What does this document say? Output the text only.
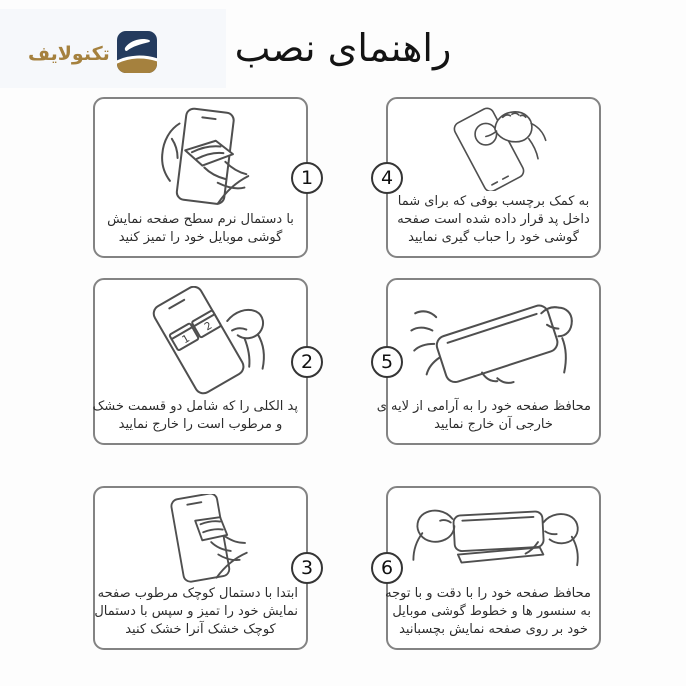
تکنولایف	راهنمای نصب
با دستمال نرم سطح صفحه نمایش
گوشی موبایل خود را تمیز کنید
1
1
2
پد الکلی را که شامل دو قسمت خشک
و مرطوب است را خارج نمایید
2
ابتدا با دستمال کوچک مرطوب صفحه
نمایش خود را تمیز و سپس با دستمال
کوچک خشک آنرا خشک کنید
3
به کمک برچسب بوفی که برای شما
داخل پد قرار داده شده است صفحه
گوشی خود را حباب گیری نمایید
4
محافظ صفحه خود را به آرامی از لایه ی
خارجی آن خارج نمایید
5
محافظ صفحه خود را با دقت و با توجه
به سنسور ها و خطوط گوشی موبایل
خود بر روی صفحه نمایش بچسبانید
6
